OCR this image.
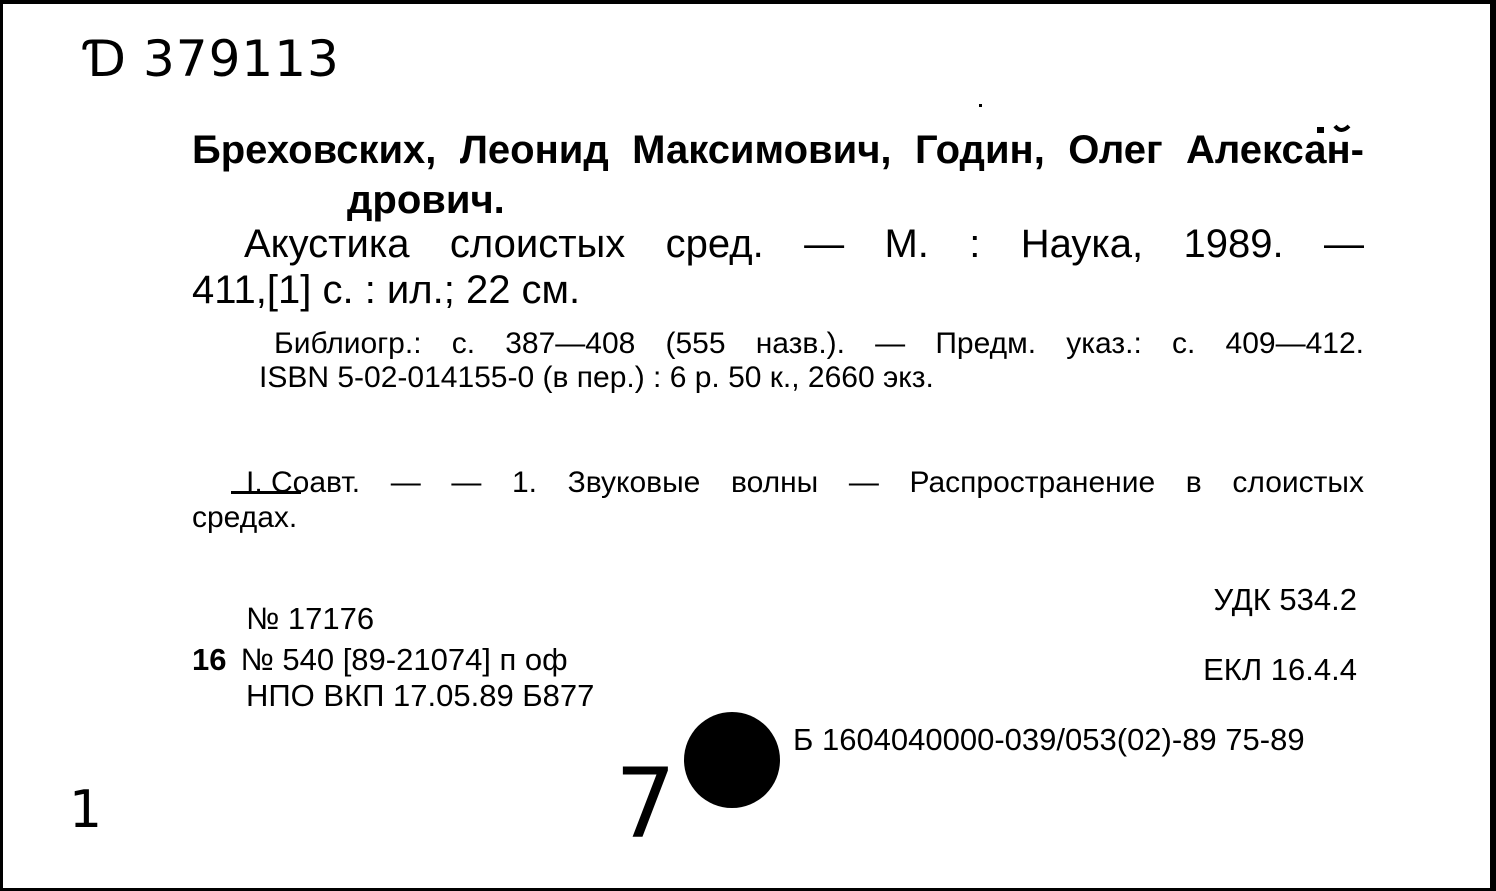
Ɗ 379113
Бреховских, Леонид Максимович, Годин, Олег Алексан-
дрович.
Акустика слоистых сред. — М. : Наука, 1989. —
411,[1] с. : ил.; 22 см.
Библиогр.: с. 387—408 (555 назв.). — Предм. указ.: с. 409—412.
ISBN 5-02-014155-0 (в пер.) : 6 р. 50 к., 2660 экз.
I. Соавт. — — 1. Звуковые волны — Распространение в слоистых
средах.
УДК 534.2
№ 17176
16 № 540 [89-21074] п оф	ЕКЛ 16.4.4
НПО ВКП 17.05.89 Б877
Б 1604040000-039/053(02)-89 75-89
1	7
